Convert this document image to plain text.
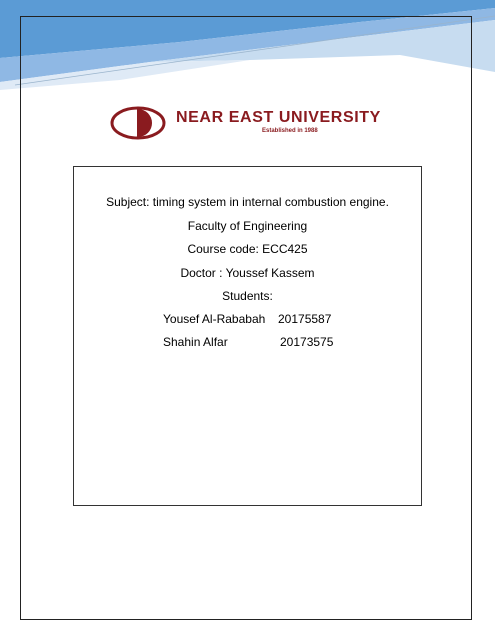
NEAR EAST UNIVERSITY
Established in 1988
Subject: timing system in internal combustion engine.
Faculty of Engineering
Course code: ECC425
Doctor : Youssef Kassem
Students:
Yousef Al-Rababah 20175587
Shahin Alfar	20173575
